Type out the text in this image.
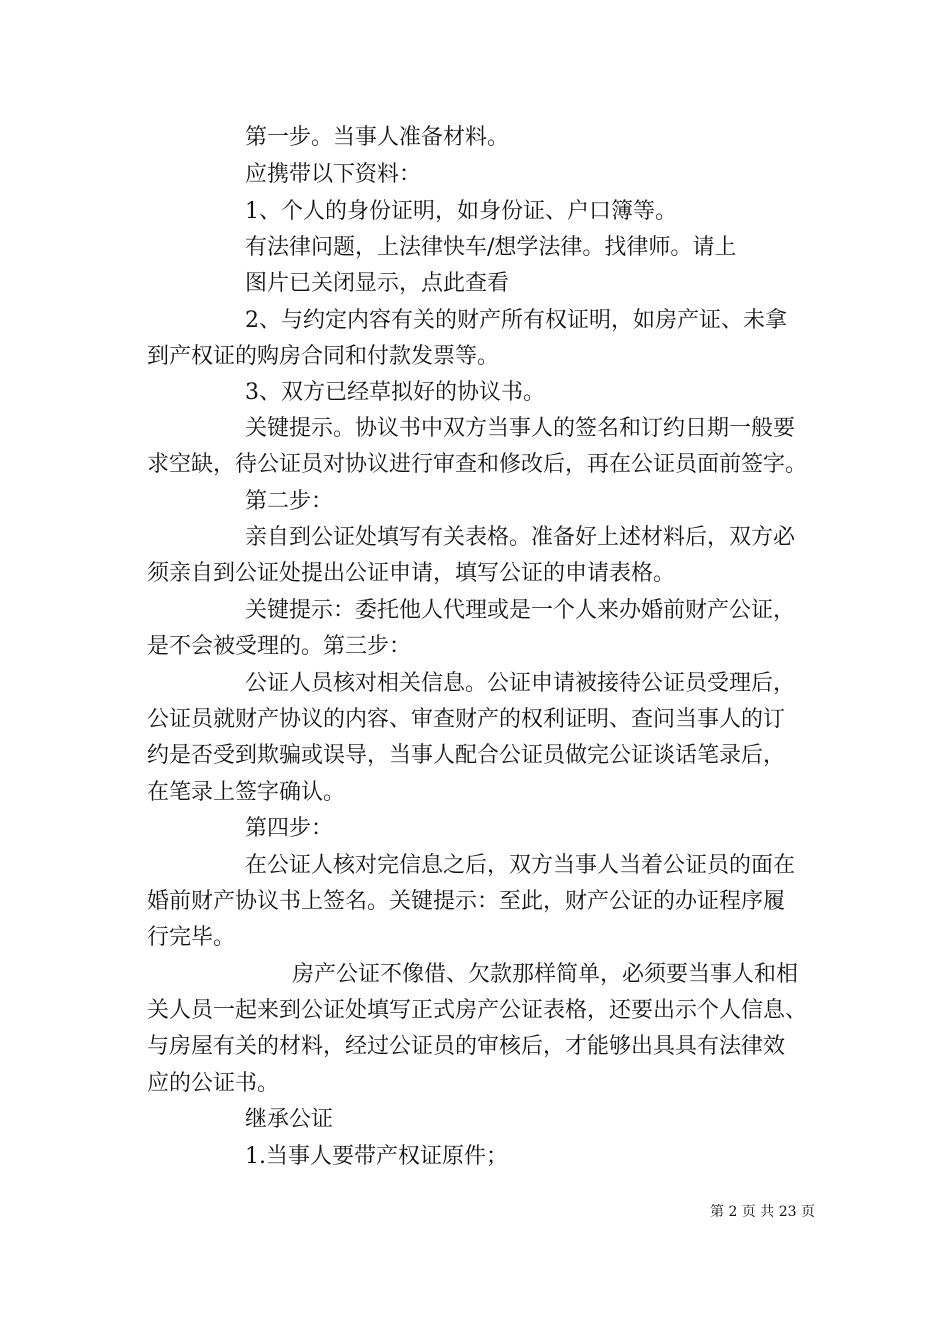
第一步。当事人准备材料。
应携带以下资料：
1、个人的身份证明，如身份证、户口簿等。
有法律问题，上法律快车/想学法律。找律师。请上
图片已关闭显示，点此查看
2、与约定内容有关的财产所有权证明，如房产证、未拿
到产权证的购房合同和付款发票等。
3、双方已经草拟好的协议书。
关键提示。协议书中双方当事人的签名和订约日期一般要
求空缺，待公证员对协议进行审查和修改后，再在公证员面前签字。
第二步：
亲自到公证处填写有关表格。准备好上述材料后，双方必
须亲自到公证处提出公证申请，填写公证的申请表格。
关键提示：委托他人代理或是一个人来办婚前财产公证，
是不会被受理的。第三步：
公证人员核对相关信息。公证申请被接待公证员受理后，
公证员就财产协议的内容、审查财产的权利证明、查问当事人的订
约是否受到欺骗或误导，当事人配合公证员做完公证谈话笔录后，
在笔录上签字确认。
第四步：
在公证人核对完信息之后，双方当事人当着公证员的面在
婚前财产协议书上签名。关键提示：至此，财产公证的办证程序履
行完毕。
房产公证不像借、欠款那样简单，必须要当事人和相
关人员一起来到公证处填写正式房产公证表格，还要出示个人信息、
与房屋有关的材料，经过公证员的审核后，才能够出具具有法律效
应的公证书。
继承公证
1.当事人要带产权证原件；
第 2 页 共 23 页
